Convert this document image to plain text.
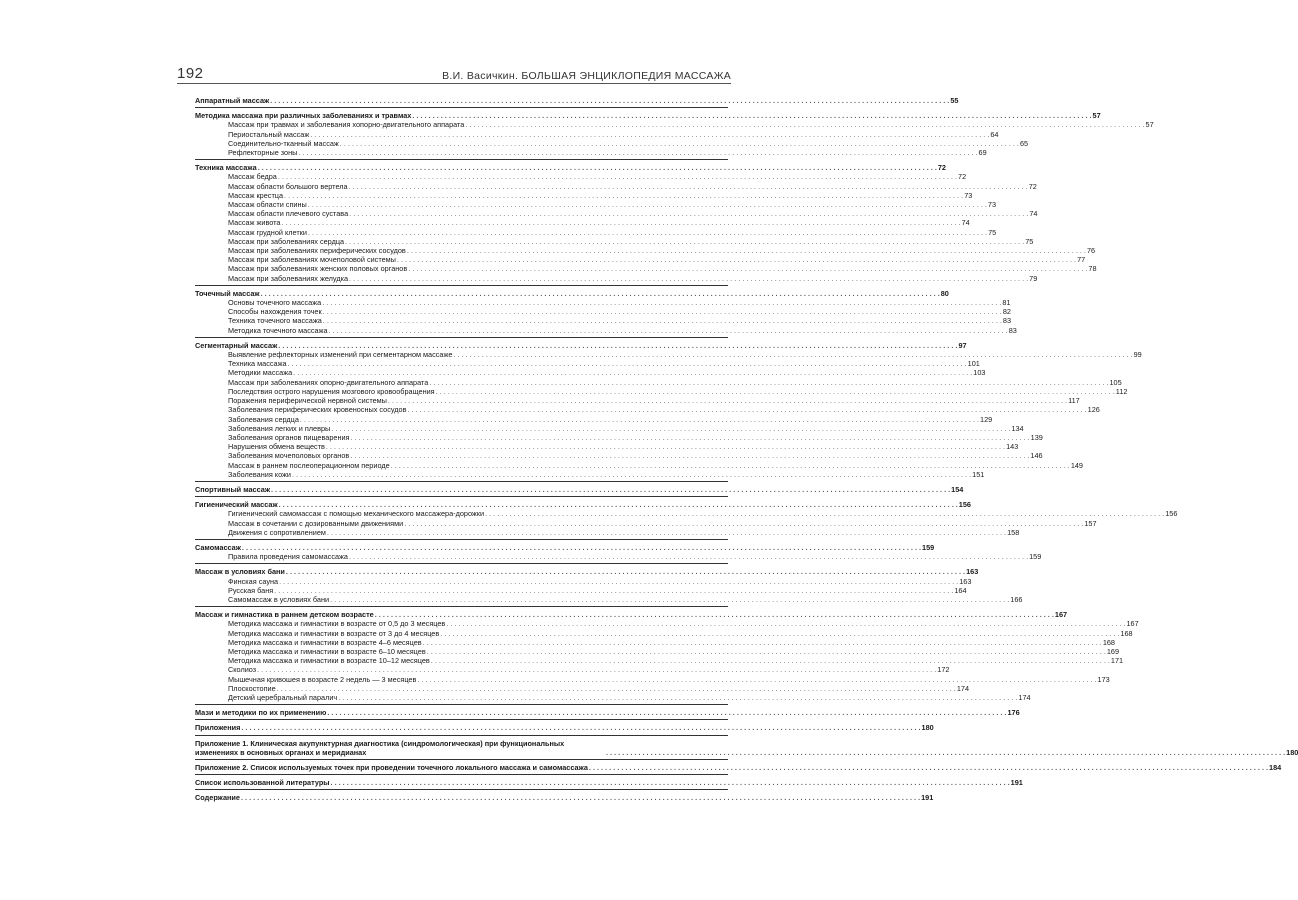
192	В.И. Васичкин. БОЛЬШАЯ ЭНЦИКЛОПЕДИЯ МАССАЖА
Аппаратный массаж . . .	55
Методика массажа при различных заболеваниях и травмах . . .	57
Массаж при травмах и заболевания хопорно-двигательного аппарата . . .	57
Периостальный массаж . . .	64
Соединительно-тканный массаж . . .	65
Рефлекторные зоны . . .	69
Техника массажа . . .	72
Массаж бедра . . .	72
Массаж области большого вертела . . .	72
Массаж крестца . . .	73
Массаж области спины . . .	73
Массаж области плечевого сустава . . .	74
Массаж живота . . .	74
Массаж грудной клетки . . .	75
Массаж при заболеваниях сердца . . .	75
Массаж при заболеваниях периферических сосудов . . .	76
Массаж при заболеваниях мочеполовой системы . . .	77
Массаж при заболеваниях женских половых органов . . .	78
Массаж при заболеваниях желудка . . .	79
Точечный массаж . . .	80
Основы точечного массажа . . .	81
Способы нахождения точек . . .	82
Техника точечного массажа . . .	83
Методика точечного массажа . . .	83
Сегментарный массаж . . .	97
Выявление рефлекторных изменений при сегментарном массаже . . .	99
Техника массажа . . .	101
Методики массажа . . .	103
Массаж при заболеваниях опорно-двигательного аппарата . . .	105
Последствия острого нарушения мозгового кровообращения . . .	112
Поражения периферической нервной системы . . .	117
Заболевания периферических кровеносных сосудов . . .	126
Заболевания сердца . . .	129
Заболевания легких и плевры . . .	134
Заболевания органов пищеварения . . .	139
Нарушения обмена веществ . . .	143
Заболевания мочеполовых органов . . .	146
Массаж в раннем послеоперационном периоде . . .	149
Заболевания кожи . . .	151
Спортивный массаж . . .	154
Гигиенический массаж . . .	156
Гигиенический самомассаж с помощью механического массажера-дорожки . . .	156
Массаж в сочетании с дозированными движениями . . .	157
Движения с сопротивлением . . .	158
Самомассаж . . .	159
Правила проведения самомассажа . . .	159
Массаж в условиях бани . . .	163
Финская сауна . . .	163
Русская баня . . .	164
Самомассаж в условиях бани . . .	166
Массаж и гимнастика в раннем детском возрасте . . .	167
Методика массажа и гимнастики в возрасте от 0,5 до 3 месяцев . . .	167
Методика массажа и гимнастики в возрасте от 3 до 4 месяцев . . .	168
Методика массажа и гимнастики в возрасте 4–6 месяцев . . .	168
Методика массажа и гимнастики в возрасте 6–10 месяцев . . .	169
Методика массажа и гимнастики в возрасте 10–12 месяцев . . .	171
Сколиоз . . .	172
Мышечная кривошея в возрасте 2 недель — 3 месяцев . . .	173
Плоскостопие . . .	174
Детский церебральный паралич . . .	174
Мази и методики по их применению . . .	176
Приложения . . .	180
Приложение 1. Клиническая акупунктурная диагностика (синдромологическая) при функциональных изменениях в основных органах и меридианах . . .	180
Приложение 2. Список используемых точек при проведении точечного локального массажа и самомассажа . . .	184
Список использованной литературы . . .	191
Содержание . . .	191
